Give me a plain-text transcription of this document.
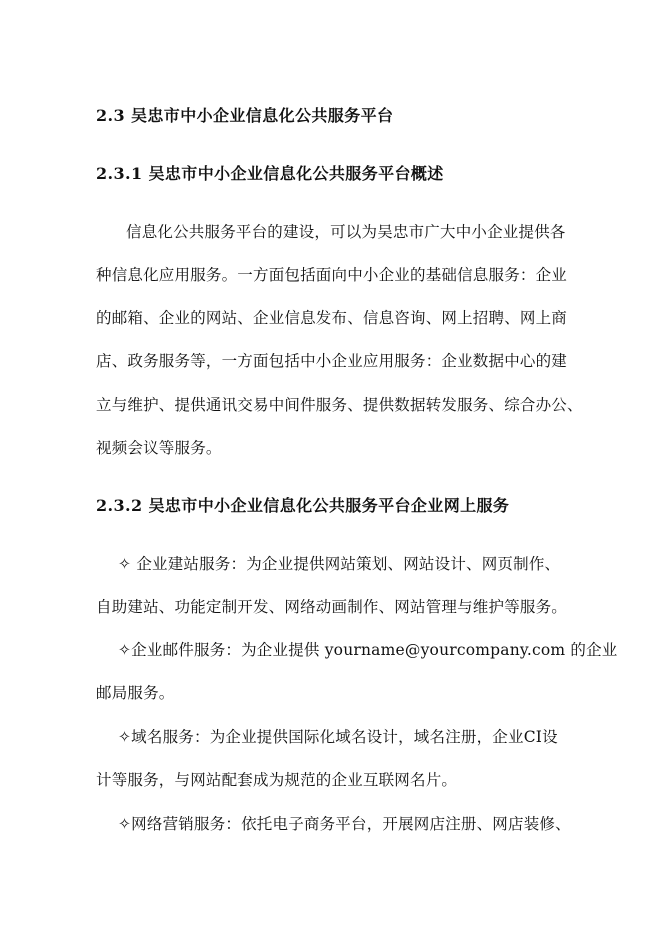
2.3 吴忠市中小企业信息化公共服务平台
2.3.1 吴忠市中小企业信息化公共服务平台概述
信息化公共服务平台的建设，可以为吴忠市广大中小企业提供各
种信息化应用服务。一方面包括面向中小企业的基础信息服务：企业
的邮箱、企业的网站、企业信息发布、信息咨询、网上招聘、网上商
店、政务服务等，一方面包括中小企业应用服务：企业数据中心的建
立与维护、提供通讯交易中间件服务、提供数据转发服务、综合办公、
视频会议等服务。
2.3.2 吴忠市中小企业信息化公共服务平台企业网上服务
✧ 企业建站服务：为企业提供网站策划、网站设计、网页制作、
自助建站、功能定制开发、网络动画制作、网站管理与维护等服务。
✧企业邮件服务：为企业提供 yourname@yourcompany.com 的企业
邮局服务。
✧域名服务：为企业提供国际化域名设计，域名注册，企业CI设
计等服务，与网站配套成为规范的企业互联网名片。
✧网络营销服务：依托电子商务平台，开展网店注册、网店装修、
